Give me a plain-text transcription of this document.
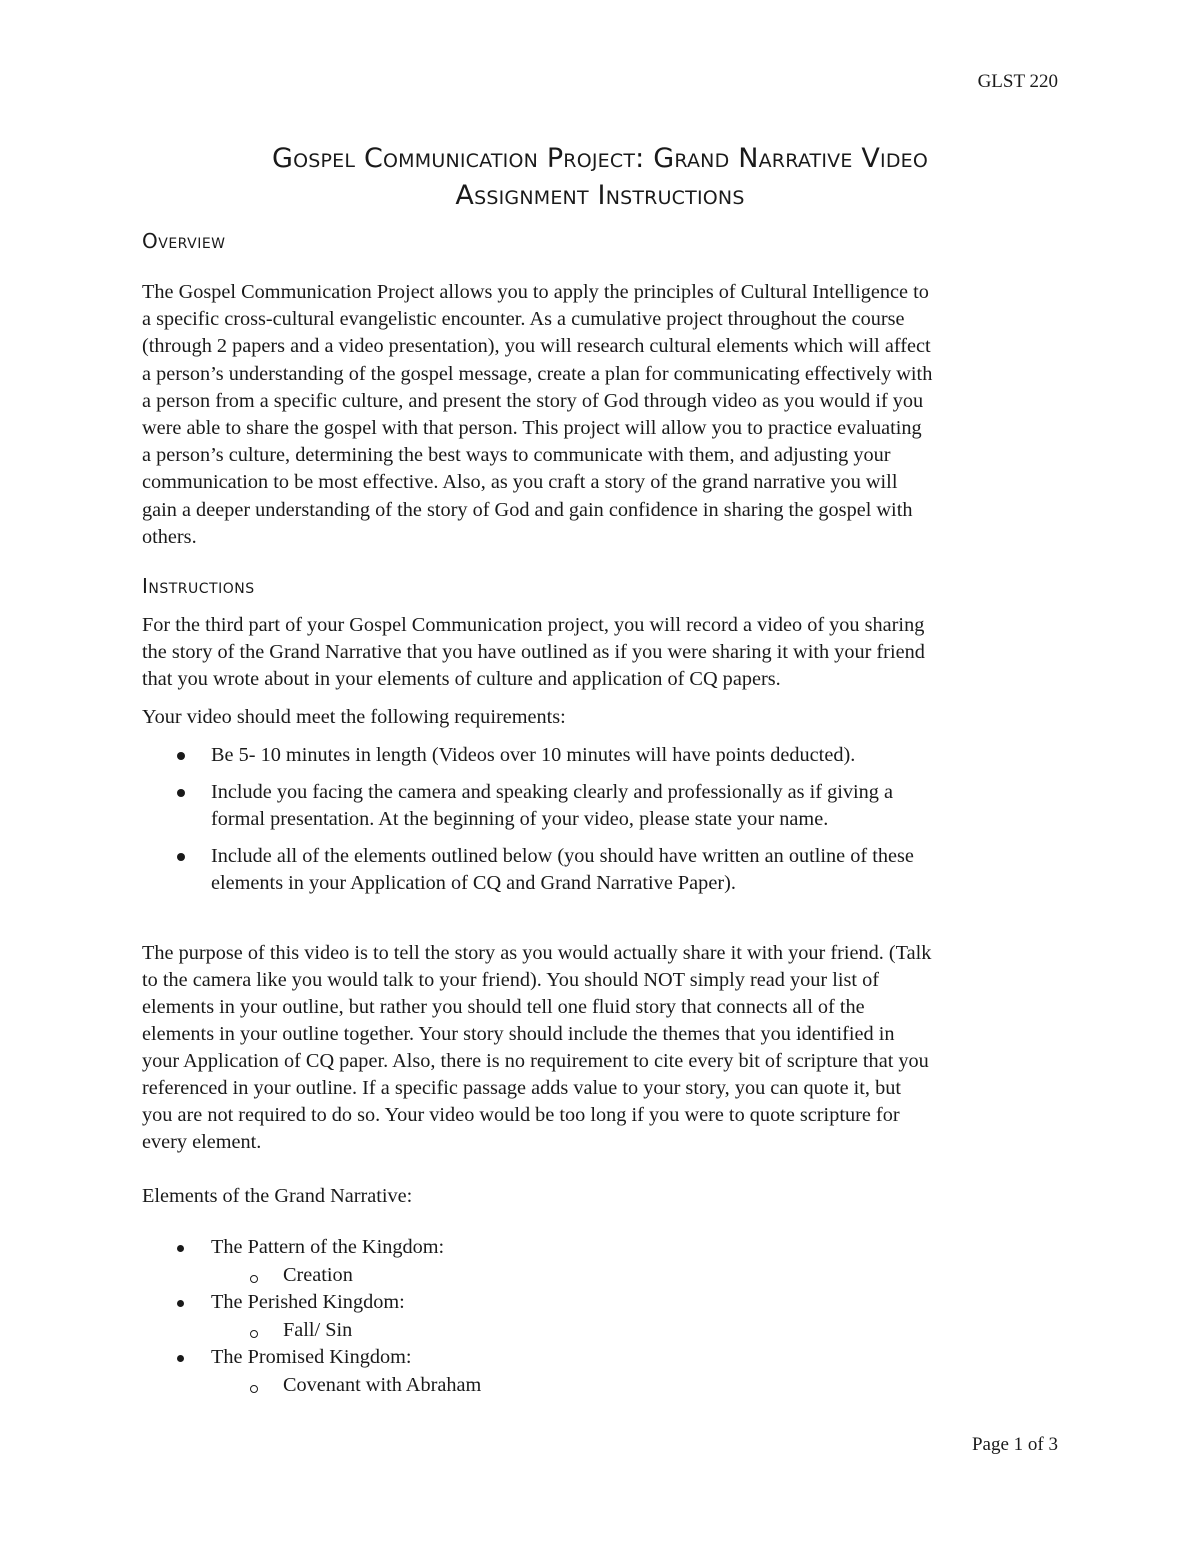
GLST 220
Gospel Communication Project: Grand Narrative Video
Assignment Instructions
Overview
The Gospel Communication Project allows you to apply the principles of Cultural Intelligence to
a specific cross-cultural evangelistic encounter. As a cumulative project throughout the course
(through 2 papers and a video presentation), you will research cultural elements which will affect
a person’s understanding of the gospel message, create a plan for communicating effectively with
a person from a specific culture, and present the story of God through video as you would if you
were able to share the gospel with that person. This project will allow you to practice evaluating
a person’s culture, determining the best ways to communicate with them, and adjusting your
communication to be most effective. Also, as you craft a story of the grand narrative you will
gain a deeper understanding of the story of God and gain confidence in sharing the gospel with
others.
Instructions
For the third part of your Gospel Communication project, you will record a video of you sharing
the story of the Grand Narrative that you have outlined as if you were sharing it with your friend
that you wrote about in your elements of culture and application of CQ papers.
Your video should meet the following requirements:
Be 5- 10 minutes in length (Videos over 10 minutes will have points deducted).
Include you facing the camera and speaking clearly and professionally as if giving a
formal presentation. At the beginning of your video, please state your name.
Include all of the elements outlined below (you should have written an outline of these
elements in your Application of CQ and Grand Narrative Paper).
The purpose of this video is to tell the story as you would actually share it with your friend. (Talk
to the camera like you would talk to your friend). You should NOT simply read your list of
elements in your outline, but rather you should tell one fluid story that connects all of the
elements in your outline together. Your story should include the themes that you identified in
your Application of CQ paper. Also, there is no requirement to cite every bit of scripture that you
referenced in your outline. If a specific passage adds value to your story, you can quote it, but
you are not required to do so. Your video would be too long if you were to quote scripture for
every element.
Elements of the Grand Narrative:
The Pattern of the Kingdom:
Creation
The Perished Kingdom:
Fall/ Sin
The Promised Kingdom:
Covenant with Abraham
Page 1 of 3
